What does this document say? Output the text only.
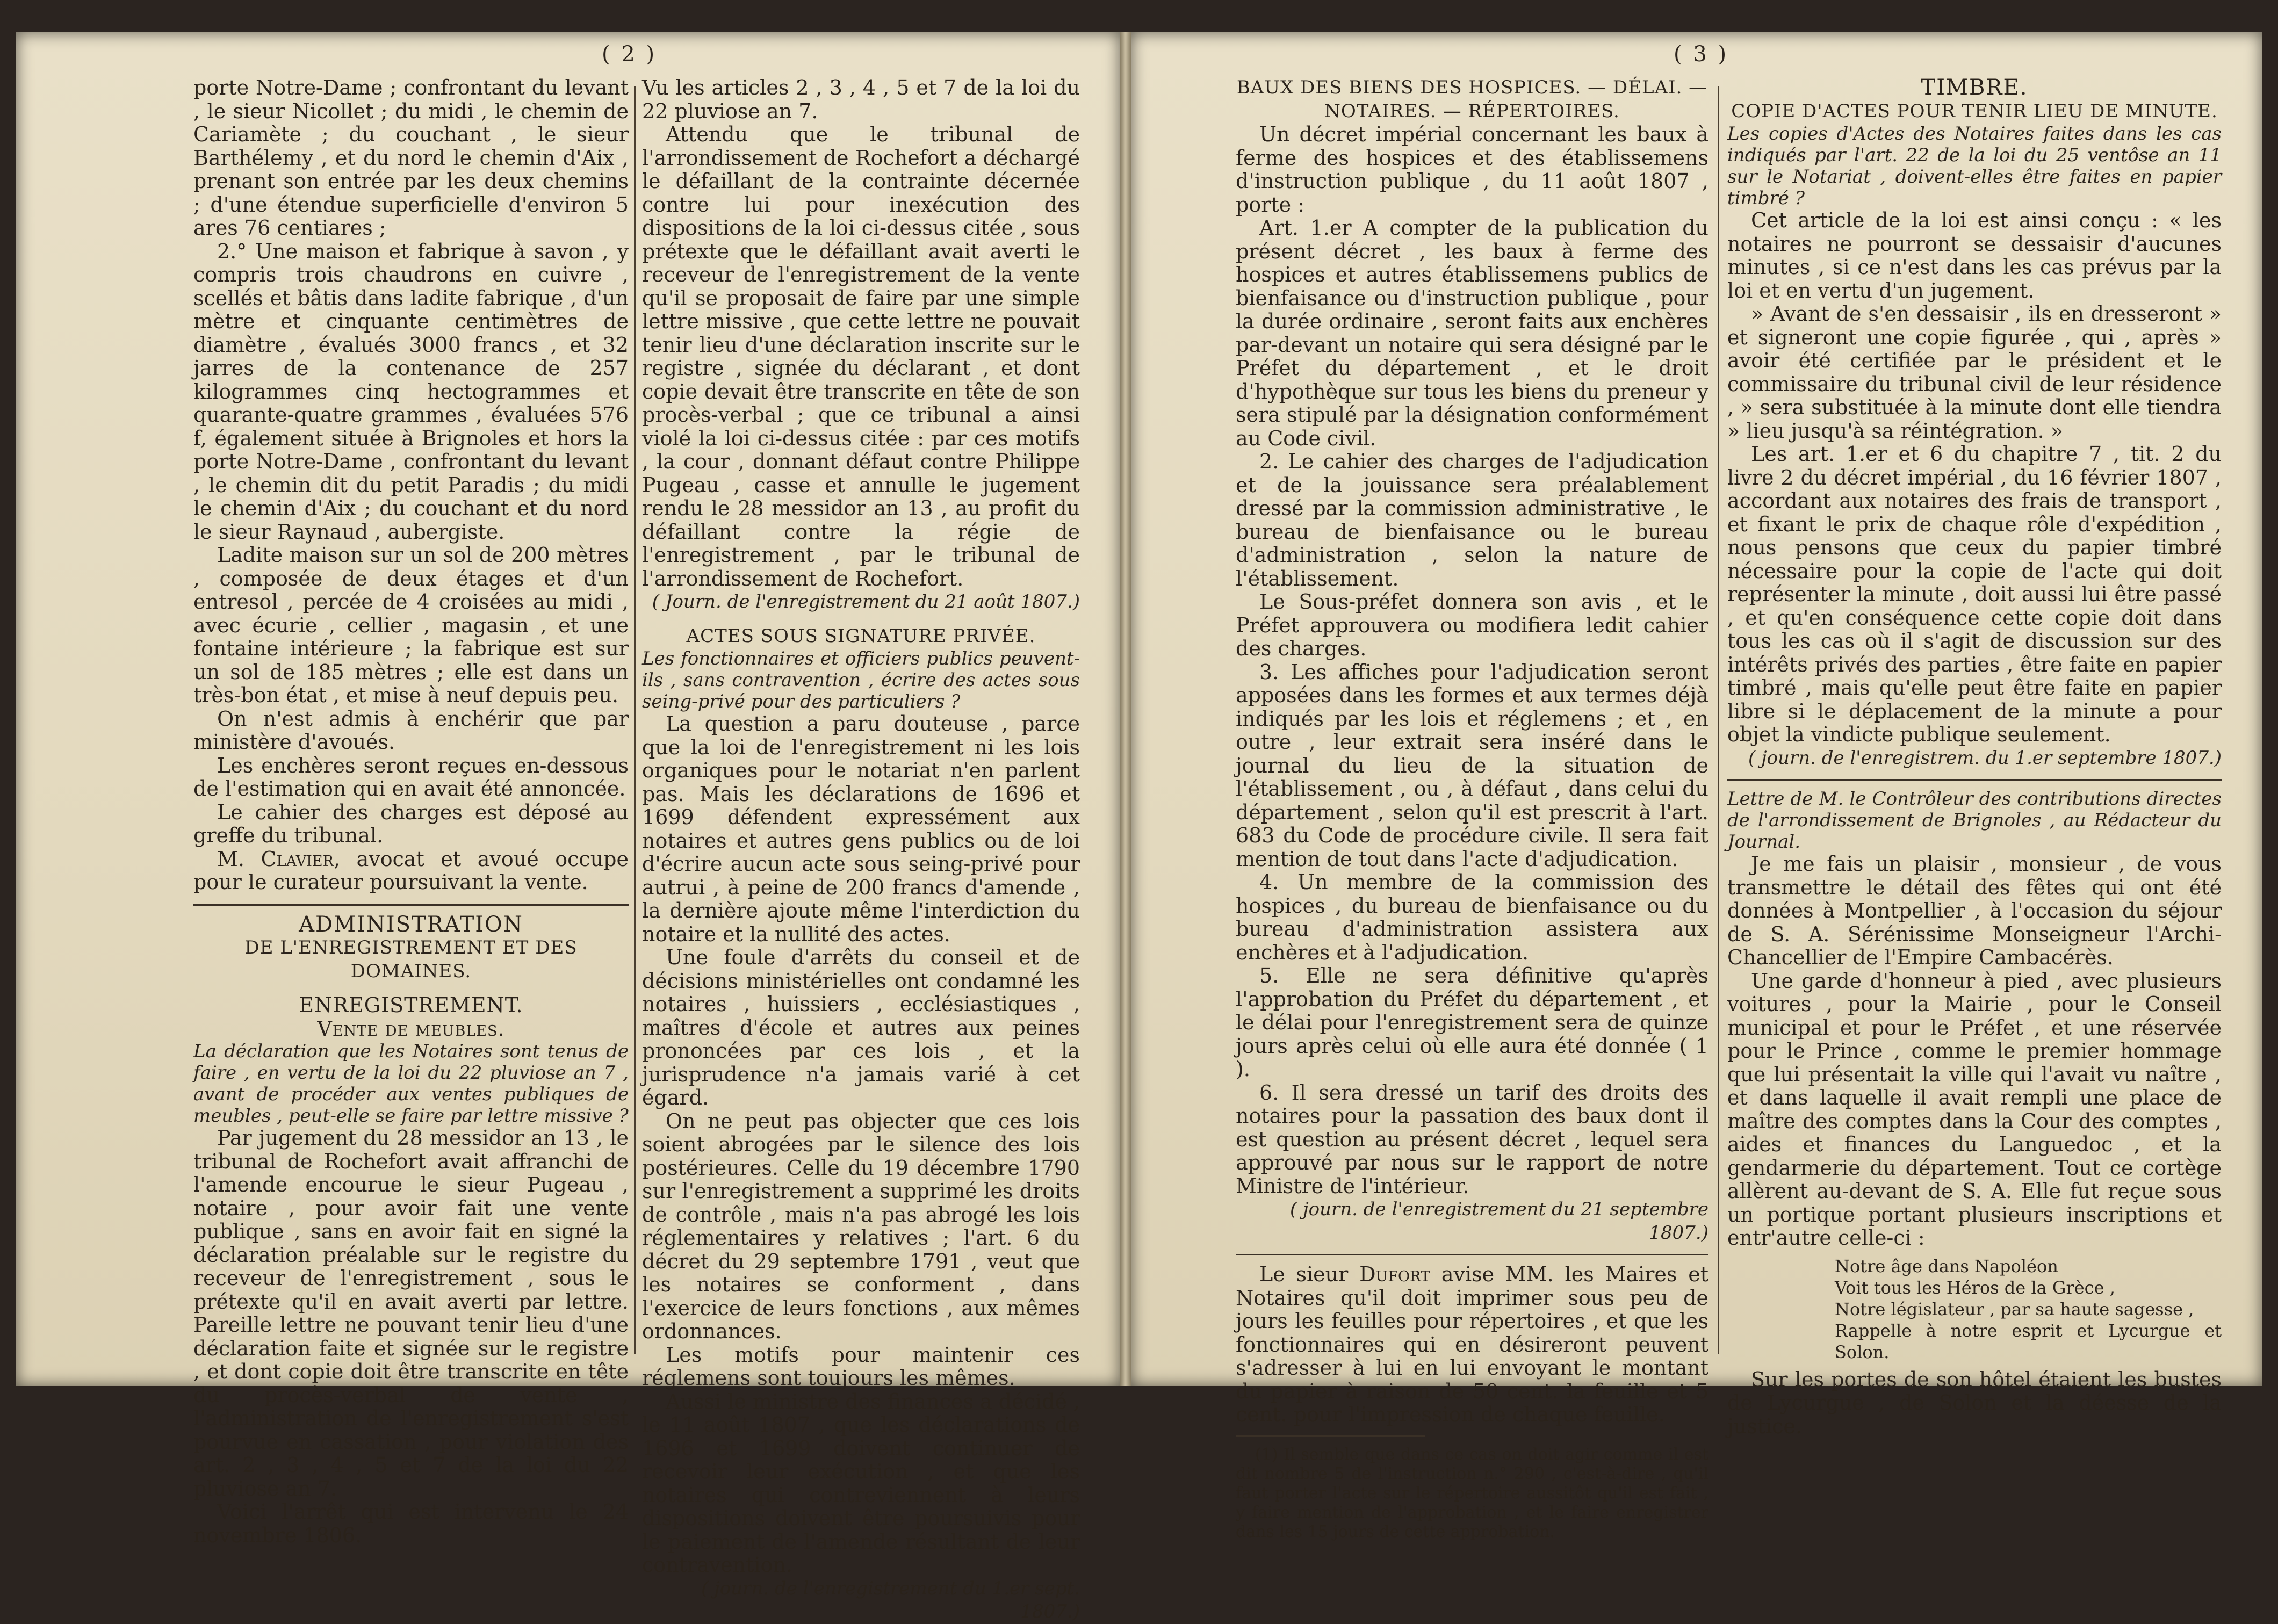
( 2 )

porte Notre-Dame ; confrontant du levant , le sieur Nicollet ; du midi , le chemin de Cariamète ; du couchant , le sieur Barthélemy , et du nord le chemin d'Aix , prenant son entrée par les deux chemins ; d'une étendue superficielle d'environ 5 ares 76 centiares ;

2.° Une maison et fabrique à savon , y compris trois chaudrons en cuivre , scellés et bâtis dans ladite fabrique , d'un mètre et cinquante centimètres de diamètre , évalués 3000 francs , et 32 jarres de la contenance de 257 kilogrammes cinq hectogrammes et quarante-quatre grammes , évaluées 576 f, également située à Brignoles et hors la porte Notre-Dame , confrontant du levant , le chemin dit du petit Paradis ; du midi le chemin d'Aix ; du couchant et du nord le sieur Raynaud , aubergiste.

Ladite maison sur un sol de 200 mètres , composée de deux étages et d'un entresol , percée de 4 croisées au midi , avec écurie , cellier , magasin , et une fontaine intérieure ; la fabrique est sur un sol de 185 mètres ; elle est dans un très-bon état , et mise à neuf depuis peu.

On n'est admis à enchérir que par ministère d'avoués.

Les enchères seront reçues en-dessous de l'estimation qui en avait été annoncée.

Le cahier des charges est déposé au greffe du tribunal.

M. Clavier, avocat et avoué occupe pour le curateur poursuivant la vente.

ADMINISTRATION

DE L'ENREGISTREMENT ET DES DOMAINES.

ENREGISTREMENT.

Vente de meubles.

La déclaration que les Notaires sont tenus de faire , en vertu de la loi du 22 pluviose an 7 , avant de procéder aux ventes publiques de meubles , peut-elle se faire par lettre missive ?

Par jugement du 28 messidor an 13 , le tribunal de Rochefort avait affranchi de l'amende encourue le sieur Pugeau , notaire , pour avoir fait une vente publique , sans en avoir fait en signé la déclaration préalable sur le registre du receveur de l'enregistrement , sous le prétexte qu'il en avait averti par lettre. Pareille lettre ne pouvant tenir lieu d'une déclaration faite et signée sur le registre , et dont copie doit être transcrite en tête du procès-verbal de vente , l'administration de l'enregistrement s'est pourvue en cassation , pour violation des art. 2 , 3 , 4 , 5 et 7 de la loi du 22 pluviose an 7.

Voici l'arrêt qui est intervenu le 24 novembre 1806.

Vu les articles 2 , 3 , 4 , 5 et 7 de la loi du 22 pluviose an 7.

Attendu que le tribunal de l'arrondissement de Rochefort a déchargé le défaillant de la contrainte décernée contre lui pour inexécution des dispositions de la loi ci-dessus citée , sous prétexte que le défaillant avait averti le receveur de l'enregistrement de la vente qu'il se proposait de faire par une simple lettre missive , que cette lettre ne pouvait tenir lieu d'une déclaration inscrite sur le registre , signée du déclarant , et dont copie devait être transcrite en tête de son procès-verbal ; que ce tribunal a ainsi violé la loi ci-dessus citée : par ces motifs , la cour , donnant défaut contre Philippe Pugeau , casse et annulle le jugement rendu le 28 messidor an 13 , au profit du défaillant contre la régie de l'enregistrement , par le tribunal de l'arrondissement de Rochefort.

( Journ. de l'enregistrement du 21 août 1807.)

ACTES SOUS SIGNATURE PRIVÉE.

Les fonctionnaires et officiers publics peuvent-ils , sans contravention , écrire des actes sous seing-privé pour des particuliers ?

La question a paru douteuse , parce que la loi de l'enregistrement ni les lois organiques pour le notariat n'en parlent pas. Mais les déclarations de 1696 et 1699 défendent expressément aux notaires et autres gens publics ou de loi d'écrire aucun acte sous seing-privé pour autrui , à peine de 200 francs d'amende , la dernière ajoute même l'interdiction du notaire et la nullité des actes.

Une foule d'arrêts du conseil et de décisions ministérielles ont condamné les notaires , huissiers , ecclésiastiques , maîtres d'école et autres aux peines prononcées par ces lois , et la jurisprudence n'a jamais varié à cet égard.

On ne peut pas objecter que ces lois soient abrogées par le silence des lois postérieures. Celle du 19 décembre 1790 sur l'enregistrement a supprimé les droits de contrôle , mais n'a pas abrogé les lois réglementaires y relatives ; l'art. 6 du décret du 29 septembre 1791 , veut que les notaires se conforment , dans l'exercice de leurs fonctions , aux mêmes ordonnances.

Les motifs pour maintenir ces réglemens sont toujours les mêmes.

Aussi le ministre des finances a décidé , le 11 août 1807 , que les déclarations de 1696 et 1699 doivent continuer de recevoir leur exécution , et que les notaires qui contreviennent à leurs dispositions doivent être poursuivis pour le paiement de l'amende résultant de leur contravention.

( journ. de l'enregistrement du 1.er sept. 1807.)

( 3 )

BAUX DES BIENS DES HOSPICES. — DÉLAI. — NOTAIRES. — RÉPERTOIRES.

Un décret impérial concernant les baux à ferme des hospices et des établissemens d'instruction publique , du 11 août 1807 , porte :

Art. 1.er A compter de la publication du présent décret , les baux à ferme des hospices et autres établissemens publics de bienfaisance ou d'instruction publique , pour la durée ordinaire , seront faits aux enchères par-devant un notaire qui sera désigné par le Préfet du département , et le droit d'hypothèque sur tous les biens du preneur y sera stipulé par la désignation conformément au Code civil.

2. Le cahier des charges de l'adjudication et de la jouissance sera préalablement dressé par la commission administrative , le bureau de bienfaisance ou le bureau d'administration , selon la nature de l'établissement.

Le Sous-préfet donnera son avis , et le Préfet approuvera ou modifiera ledit cahier des charges.

3. Les affiches pour l'adjudication seront apposées dans les formes et aux termes déjà indiqués par les lois et réglemens ; et , en outre , leur extrait sera inséré dans le journal du lieu de la situation de l'établissement , ou , à défaut , dans celui du département , selon qu'il est prescrit à l'art. 683 du Code de procédure civile. Il sera fait mention de tout dans l'acte d'adjudication.

4. Un membre de la commission des hospices , du bureau de bienfaisance ou du bureau d'administration assistera aux enchères et à l'adjudication.

5. Elle ne sera définitive qu'après l'approbation du Préfet du département , et le délai pour l'enregistrement sera de quinze jours après celui où elle aura été donnée ( 1 ).

6. Il sera dressé un tarif des droits des notaires pour la passation des baux dont il est question au présent décret , lequel sera approuvé par nous sur le rapport de notre Ministre de l'intérieur.

( journ. de l'enregistrement du 21 septembre 1807.)

Le sieur Dufort avise MM. les Maires et Notaires qu'il doit imprimer sous peu de jours les feuilles pour répertoires , et que les fonctionnaires qui en désireront peuvent s'adresser à lui en lui envoyant le montant du papier à raison de 50 cent. la feuille et 5 cent. pour l'impression de chaque feuille.

(1) Il semble que dans ce cas on doit agir comme il est dit nombre 5 de l'instruction n.° 290 , c'est-à-dire , qu'il faut porter l'acte sur le répertoire aussitôt qu'il est fait , y faire mention de l'approbation , et le faire enregistrer dans les 15 jours de cette approbation.

TIMBRE.

COPIE D'ACTES POUR TENIR LIEU DE MINUTE.

Les copies d'Actes des Notaires faites dans les cas indiqués par l'art. 22 de la loi du 25 ventôse an 11 sur le Notariat , doivent-elles être faites en papier timbré ?

Cet article de la loi est ainsi conçu : « les notaires ne pourront se dessaisir d'aucunes minutes , si ce n'est dans les cas prévus par la loi et en vertu d'un jugement.

» Avant de s'en dessaisir , ils en dresseront » et signeront une copie figurée , qui , après » avoir été certifiée par le président et le commissaire du tribunal civil de leur résidence , » sera substituée à la minute dont elle tiendra » lieu jusqu'à sa réintégration. »

Les art. 1.er et 6 du chapitre 7 , tit. 2 du livre 2 du décret impérial , du 16 février 1807 , accordant aux notaires des frais de transport , et fixant le prix de chaque rôle d'expédition , nous pensons que ceux du papier timbré nécessaire pour la copie de l'acte qui doit représenter la minute , doit aussi lui être passé , et qu'en conséquence cette copie doit dans tous les cas où il s'agit de discussion sur des intérêts privés des parties , être faite en papier timbré , mais qu'elle peut être faite en papier libre si le déplacement de la minute a pour objet la vindicte publique seulement.

( journ. de l'enregistrem. du 1.er septembre 1807.)

Lettre de M. le Contrôleur des contributions directes de l'arrondissement de Brignoles , au Rédacteur du Journal.

Je me fais un plaisir , monsieur , de vous transmettre le détail des fêtes qui ont été données à Montpellier , à l'occasion du séjour de S. A. Sérénissime Monseigneur l'Archi-Chancellier de l'Empire Cambacérès.

Une garde d'honneur à pied , avec plusieurs voitures , pour la Mairie , pour le Conseil municipal et pour le Préfet , et une réservée pour le Prince , comme le premier hommage que lui présentait la ville qui l'avait vu naître , et dans laquelle il avait rempli une place de maître des comptes dans la Cour des comptes , aides et finances du Languedoc , et la gendarmerie du département. Tout ce cortège allèrent au-devant de S. A. Elle fut reçue sous un portique portant plusieurs inscriptions et entr'autre celle-ci :

Notre âge dans Napoléon

Voit tous les Héros de la Grèce ,

Notre législateur , par sa haute sagesse ,

Rappelle à notre esprit et Lycurgue et Solon.

Sur les portes de son hôtel étaient les bustes de Lycurgue , de Solon et la déesse de la justice.
